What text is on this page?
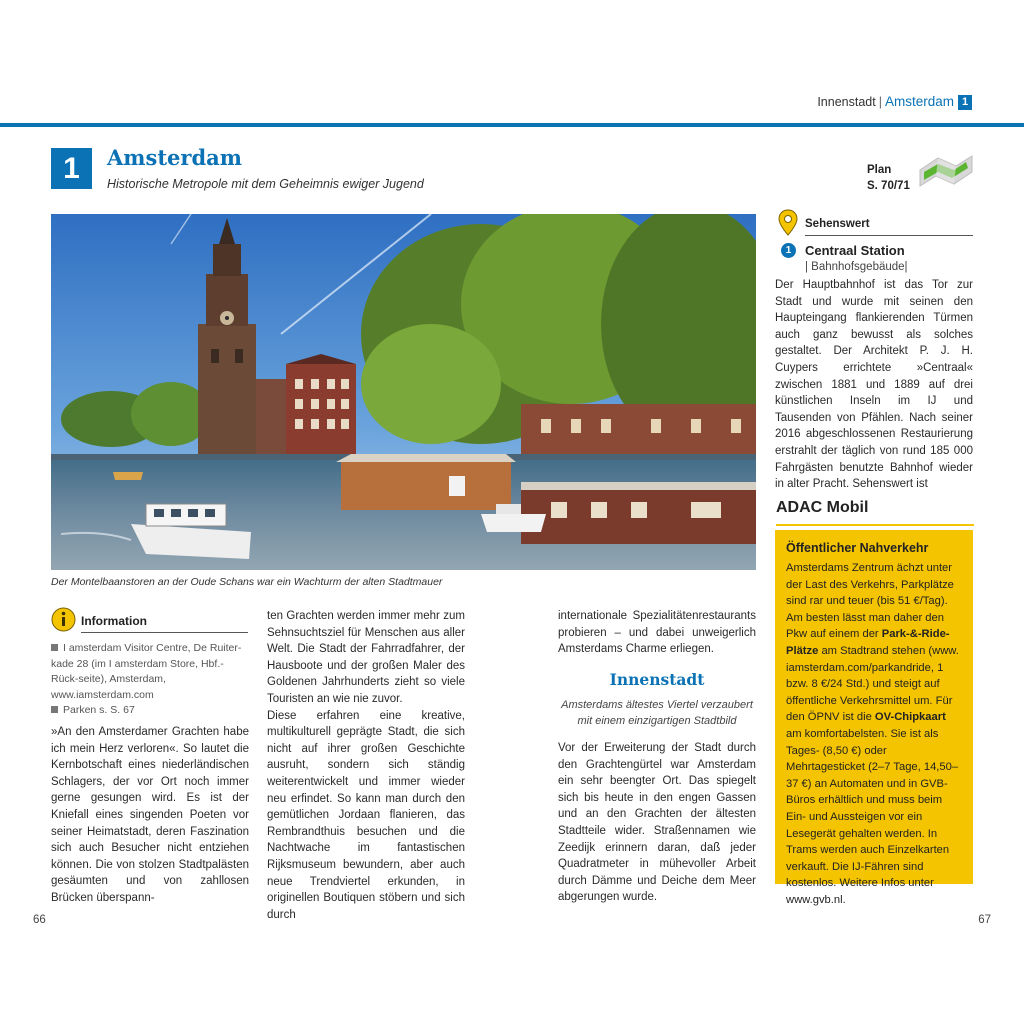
Innenstadt | Amsterdam 1
1	Amsterdam
Historische Metropole mit dem Geheimnis ewiger Jugend
Plan
S. 70/71
Der Montelbaanstoren an der Oude Schans war ein Wachturm der alten Stadtmauer
Information
I amsterdam Visitor Centre, De Ruiter-kade 28 (im I amsterdam Store, Hbf.-Rück-seite), Amsterdam, www.iamsterdam.com
Parken s. S. 67

»An den Amsterdamer Grachten habe ich mein Herz verloren«. So lautet die Kernbotschaft eines niederländischen Schlagers, der vor Ort noch immer gerne gesungen wird. Es ist der Kniefall eines singenden Poeten vor seiner Heimatstadt, deren Faszination sich auch Besucher nicht entziehen können. Die von stolzen Stadtpalästen gesäumten und von zahllosen Brücken überspann-

ten Grachten werden immer mehr zum Sehnsuchtsziel für Menschen aus aller Welt. Die Stadt der Fahrradfahrer, der Hausboote und der großen Maler des Goldenen Jahrhunderts zieht so viele Touristen an wie nie zuvor.

Diese erfahren eine kreative, multikulturell geprägte Stadt, die sich nicht auf ihrer großen Geschichte ausruht, sondern sich ständig weiterentwickelt und immer wieder neu erfindet. So kann man durch den gemütlichen Jordaan flanieren, das Rembrandthuis besuchen und die Nachtwache im fantastischen Rijksmuseum bewundern, aber auch neue Trendviertel erkunden, in originellen Boutiquen stöbern und sich durch

internationale Spezialitätenrestaurants probieren – und dabei unweigerlich Amsterdams Charme erliegen.

Innenstadt
Amsterdams ältestes Viertel verzaubert mit einem einzigartigen Stadtbild

Vor der Erweiterung der Stadt durch den Grachtengürtel war Amsterdam ein sehr beengter Ort. Das spiegelt sich bis heute in den engen Gassen und an den Grachten der ältesten Stadtteile wider. Straßennamen wie Zeedijk erinnern daran, daß jeder Quadratmeter in mühevoller Arbeit durch Dämme und Deiche dem Meer abgerungen wurde.

Sehenswert
1	Centraal Station
| Bahnhofsgebäude|
Der Hauptbahnhof ist das Tor zur Stadt und wurde mit seinen den Haupteingang flankierenden Türmen auch ganz bewusst als solches gestaltet. Der Architekt P. J. H. Cuypers errichtete »Centraal« zwischen 1881 und 1889 auf drei künstlichen Inseln im IJ und Tausenden von Pfählen. Nach seiner 2016 abgeschlossenen Restaurierung erstrahlt der täglich von rund 185 000 Fahrgästen benutzte Bahnhof wieder in alter Pracht. Sehenswert ist
ADAC Mobil
Öffentlicher Nahverkehr

Amsterdams Zentrum ächzt unter der Last des Verkehrs, Parkplätze sind rar und teuer (bis 51 €/Tag). Am besten lässt man daher den Pkw auf einem der Park-&-Ride-Plätze am Stadtrand stehen (www. iamsterdam.com/parkandride, 1 bzw. 8 €/24 Std.) und steigt auf öffentliche Verkehrsmittel um. Für den ÖPNV ist die OV-Chipkaart am komfortabelsten. Sie ist als Tages- (8,50 €) oder Mehrtagesticket (2–7 Tage, 14,50–37 €) an Automaten und in GVB-Büros erhältlich und muss beim Ein- und Aussteigen vor ein Lesegerät gehalten werden. In Trams werden auch Einzelkarten verkauft. Die IJ-Fähren sind kostenlos. Weitere Infos unter www.gvb.nl.

66	67
